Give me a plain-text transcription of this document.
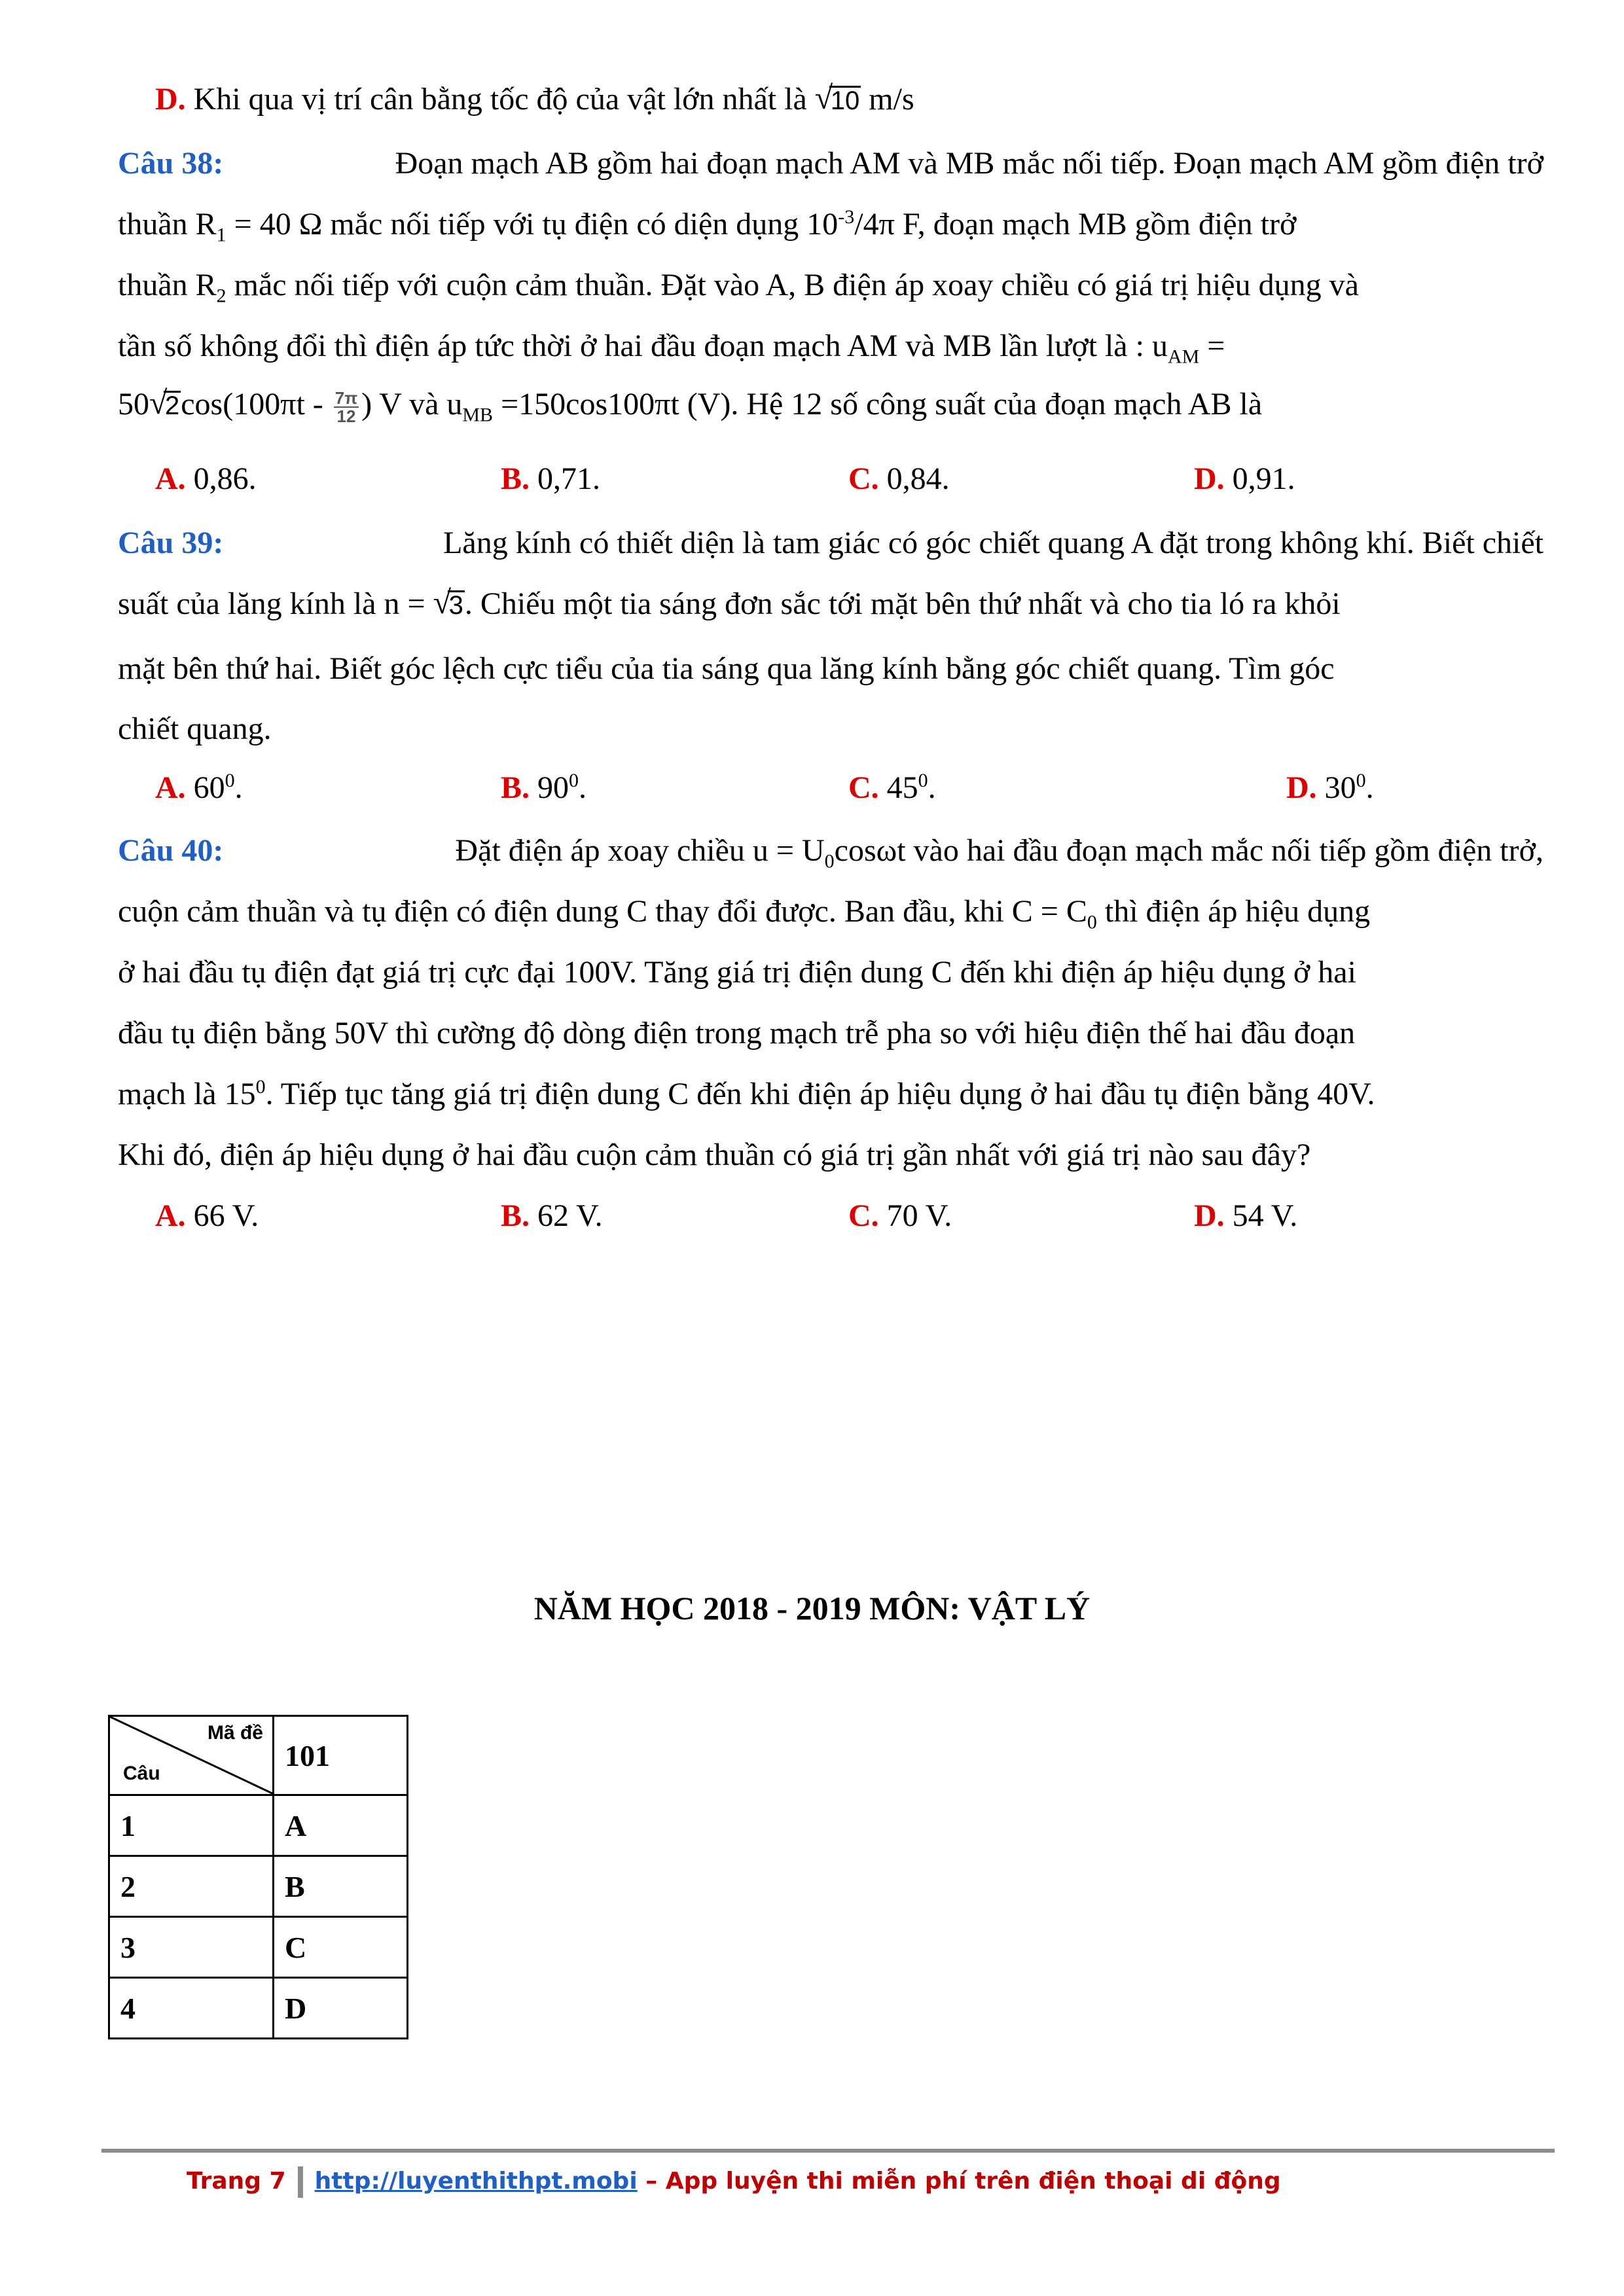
D. Khi qua vị trí cân bằng tốc độ của vật lớn nhất là √
10 m/s
Câu 38:	Đoạn mạch AB gồm hai đoạn mạch AM và MB mắc nối tiếp. Đoạn mạch AM gồm điện trở
thuần $R_1 = 40$ Ω mắc nối tiếp với tụ điện có diện dụng $10^{-3}/4\pi$ F, đoạn mạch MB gồm điện trở
thuần $R_2$ mắc nối tiếp với cuộn cảm thuần. Đặt vào A, B điện áp xoay chiều có giá trị hiệu dụng và
tần số không đổi thì điện áp tức thời ở hai đầu đoạn mạch AM và MB lần lượt là : $u_{AM}$ =
50 √
$2\cos(100\pi t - \frac{7\pi}{12}$ ) V và $u_{MB} =150\cos 100\pi t$ (V). Hệ 12 số công suất của đoạn mạch AB là
A. 0,86.	B. 0,71.	C. 0,84.	D. 0,91.
Câu 39:	Lăng kính có thiết diện là tam giác có góc chiết quang A đặt trong không khí. Biết chiết
suất của lăng kính là n = √
3. Chiếu một tia sáng đơn sắc tới mặt bên thứ nhất và cho tia ló ra khỏi
mặt bên thứ hai. Biết góc lệch cực tiểu của tia sáng qua lăng kính bằng góc chiết quang. Tìm góc
chiết quang.
A. $60^0$.	B. $90^0$.	C. $45^0$.	D. $30^0$.
Câu 40:	Đặt điện áp xoay chiều $u = U_0\cos\omega t$ vào hai đầu đoạn mạch mắc nối tiếp gồm điện trở,
cuộn cảm thuần và tụ điện có điện dung C thay đổi được. Ban đầu, khi $C = C_0$ thì điện áp hiệu dụng
ở hai đầu tụ điện đạt giá trị cực đại 100V. Tăng giá trị điện dung C đến khi điện áp hiệu dụng ở hai
đầu tụ điện bằng 50V thì cường độ dòng điện trong mạch trễ pha so với hiệu điện thế hai đầu đoạn
mạch là $15^0$. Tiếp tục tăng giá trị điện dung C đến khi điện áp hiệu dụng ở hai đầu tụ điện bằng 40V.
Khi đó, điện áp hiệu dụng ở hai đầu cuộn cảm thuần có giá trị gần nhất với giá trị nào sau đây?
A. 66 V.	B. 62 V.	C. 70 V.	D. 54 V.
NĂM HỌC 2018 - 2019 MÔN: VẬT LÝ
Mã đề
Câu	101
1	A
2	B
3	C
4	D
Trang 7 http://luyenthithpt.mobi – App luyện thi miễn phí trên điện thoại di động
